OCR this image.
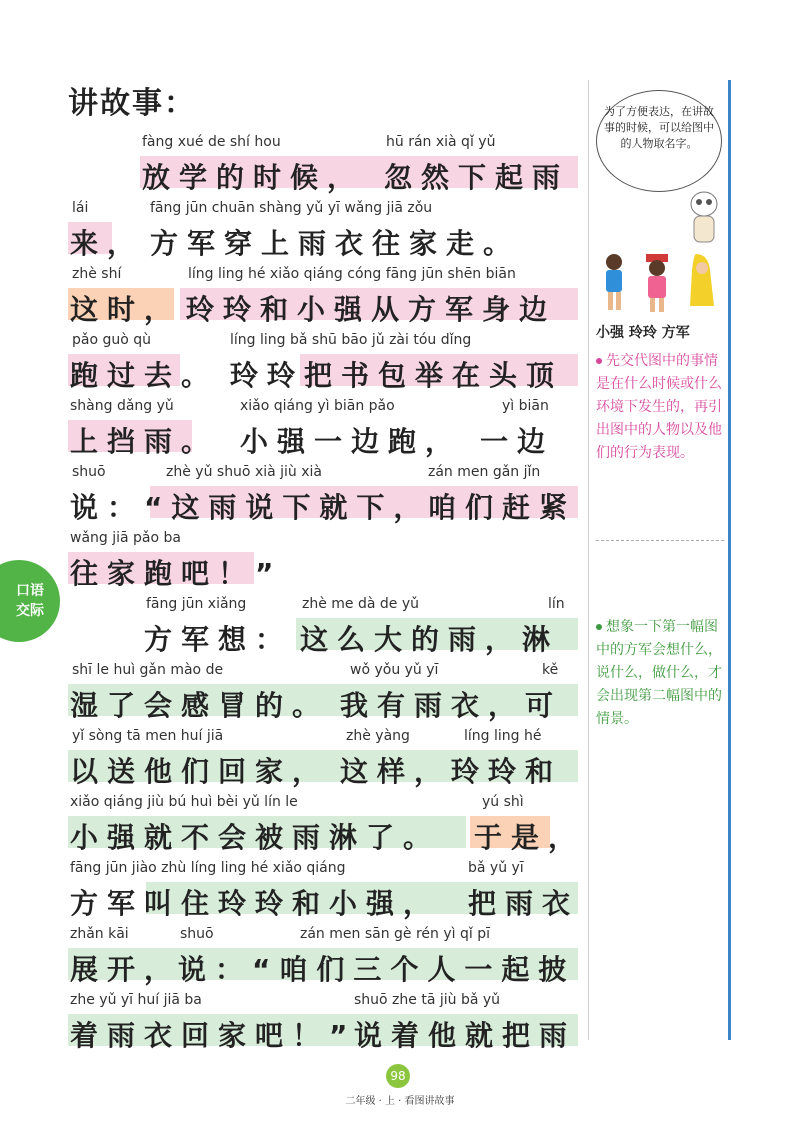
讲故事：
口语
交际
fàng xué de shí hou	hū rán xià qǐ yǔ
放学的时候， 忽然下起雨
lái	fāng jūn chuān shàng yǔ yī wǎng jiā zǒu
来， 方军穿上雨衣往家走。
zhè shí	líng ling hé xiǎo qiáng cóng fāng jūn shēn biān
这时， 玲玲和小强从方军身边
pǎo guò qù	líng ling bǎ shū bāo jǔ zài tóu dǐng
跑过去。 玲玲把书包举在头顶
shàng dǎng yǔ	xiǎo qiáng yì biān pǎo	yì biān
上挡雨。 小强一边跑， 一边
shuō	zhè yǔ shuō xià jiù xià	zán men gǎn jǐn
说：“这雨说下就下，
咱们赶紧
wǎng jiā pǎo ba
往家跑吧！”
fāng jūn xiǎng	zhè me dà de yǔ	lín
方军想： 这么大的雨，淋
shī le huì gǎn mào de	wǒ yǒu yǔ yī	kě
湿了会感冒的。 我有雨衣，可
yǐ sòng tā men huí jiā	zhè yàng	líng ling hé
以送他们回家， 这样，玲玲和
xiǎo qiáng jiù bú huì bèi yǔ lín le	yú shì
小强就不会被雨淋了。 于是，
fāng jūn jiào zhù líng ling hé xiǎo qiáng	bǎ yǔ yī
方军叫住玲玲和小强， 把雨衣
zhǎn kāi	shuō	zán men sān gè rén yì qǐ pī
展开，
说：“咱们三个人一起披
zhe yǔ yī huí jiā ba	shuō zhe tā jiù bǎ yǔ
着雨衣回家吧！”
说着他就把雨
为了方便表达，在讲故事的时候，可以给图中的人物取名字。
小强 玲玲 方军
先交代图中的事情是在什么时候或什么环境下发生的，再引出图中的人物以及他们的行为表现。
想象一下第一幅图中的方军会想什么，说什么，做什么，才会出现第二幅图中的情景。
98
二年级 · 上 · 看图讲故事
